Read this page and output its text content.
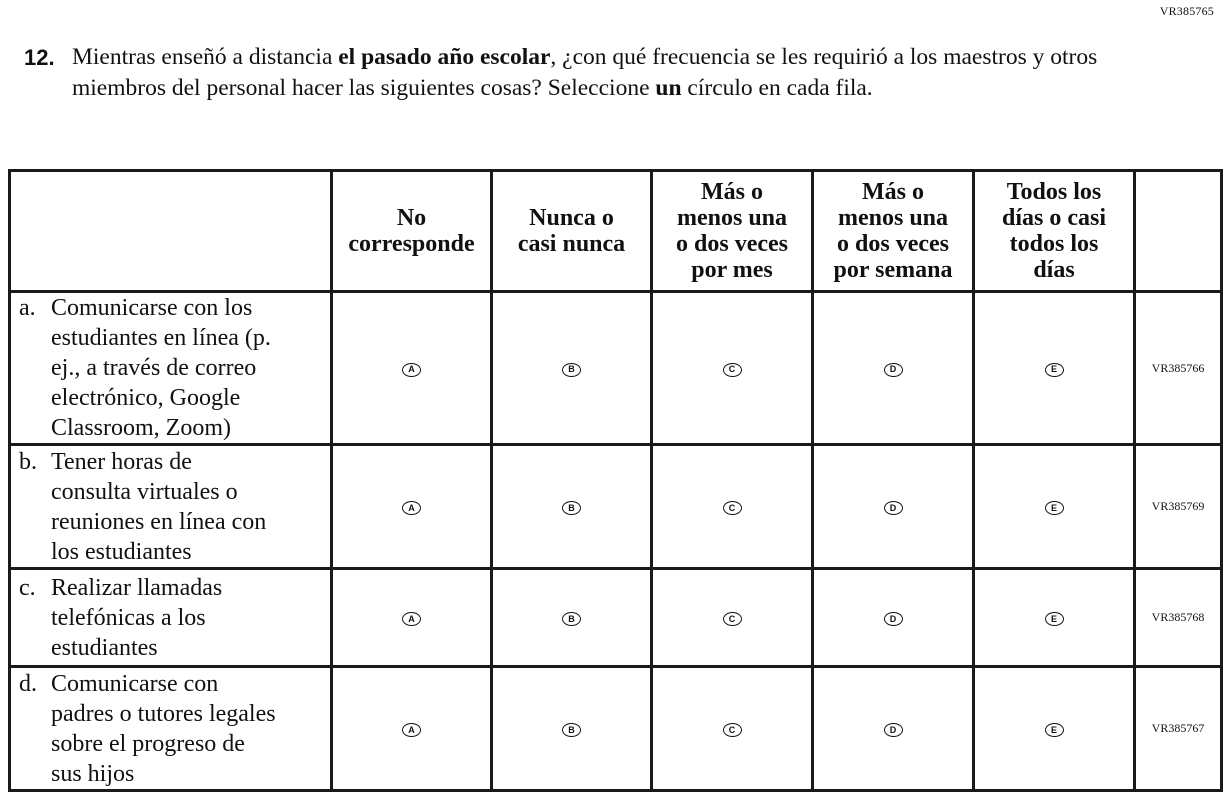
VR385765
12. Mientras enseñó a distancia el pasado año escolar, ¿con qué frecuencia se les requirió a los maestros y otros miembros del personal hacer las siguientes cosas? Seleccione un círculo en cada fila.

	No
corresponde	Nunca o
casi nunca	Más o
menos una
o dos veces
por mes	Más o
menos una
o dos veces
por semana	Todos los
días o casi
todos los
días	

a. Comunicarse con los
estudiantes en línea (p.
ej., a través de correo
electrónico, Google
Classroom, Zoom)	A	B	C	D	E	VR385766

b. Tener horas de
consulta virtuales o
reuniones en línea con
los estudiantes	A	B	C	D	E	VR385769

c. Realizar llamadas
telefónicas a los
estudiantes	A	B	C	D	E	VR385768

d. Comunicarse con
padres o tutores legales
sobre el progreso de
sus hijos	A	B	C	D	E	VR385767
